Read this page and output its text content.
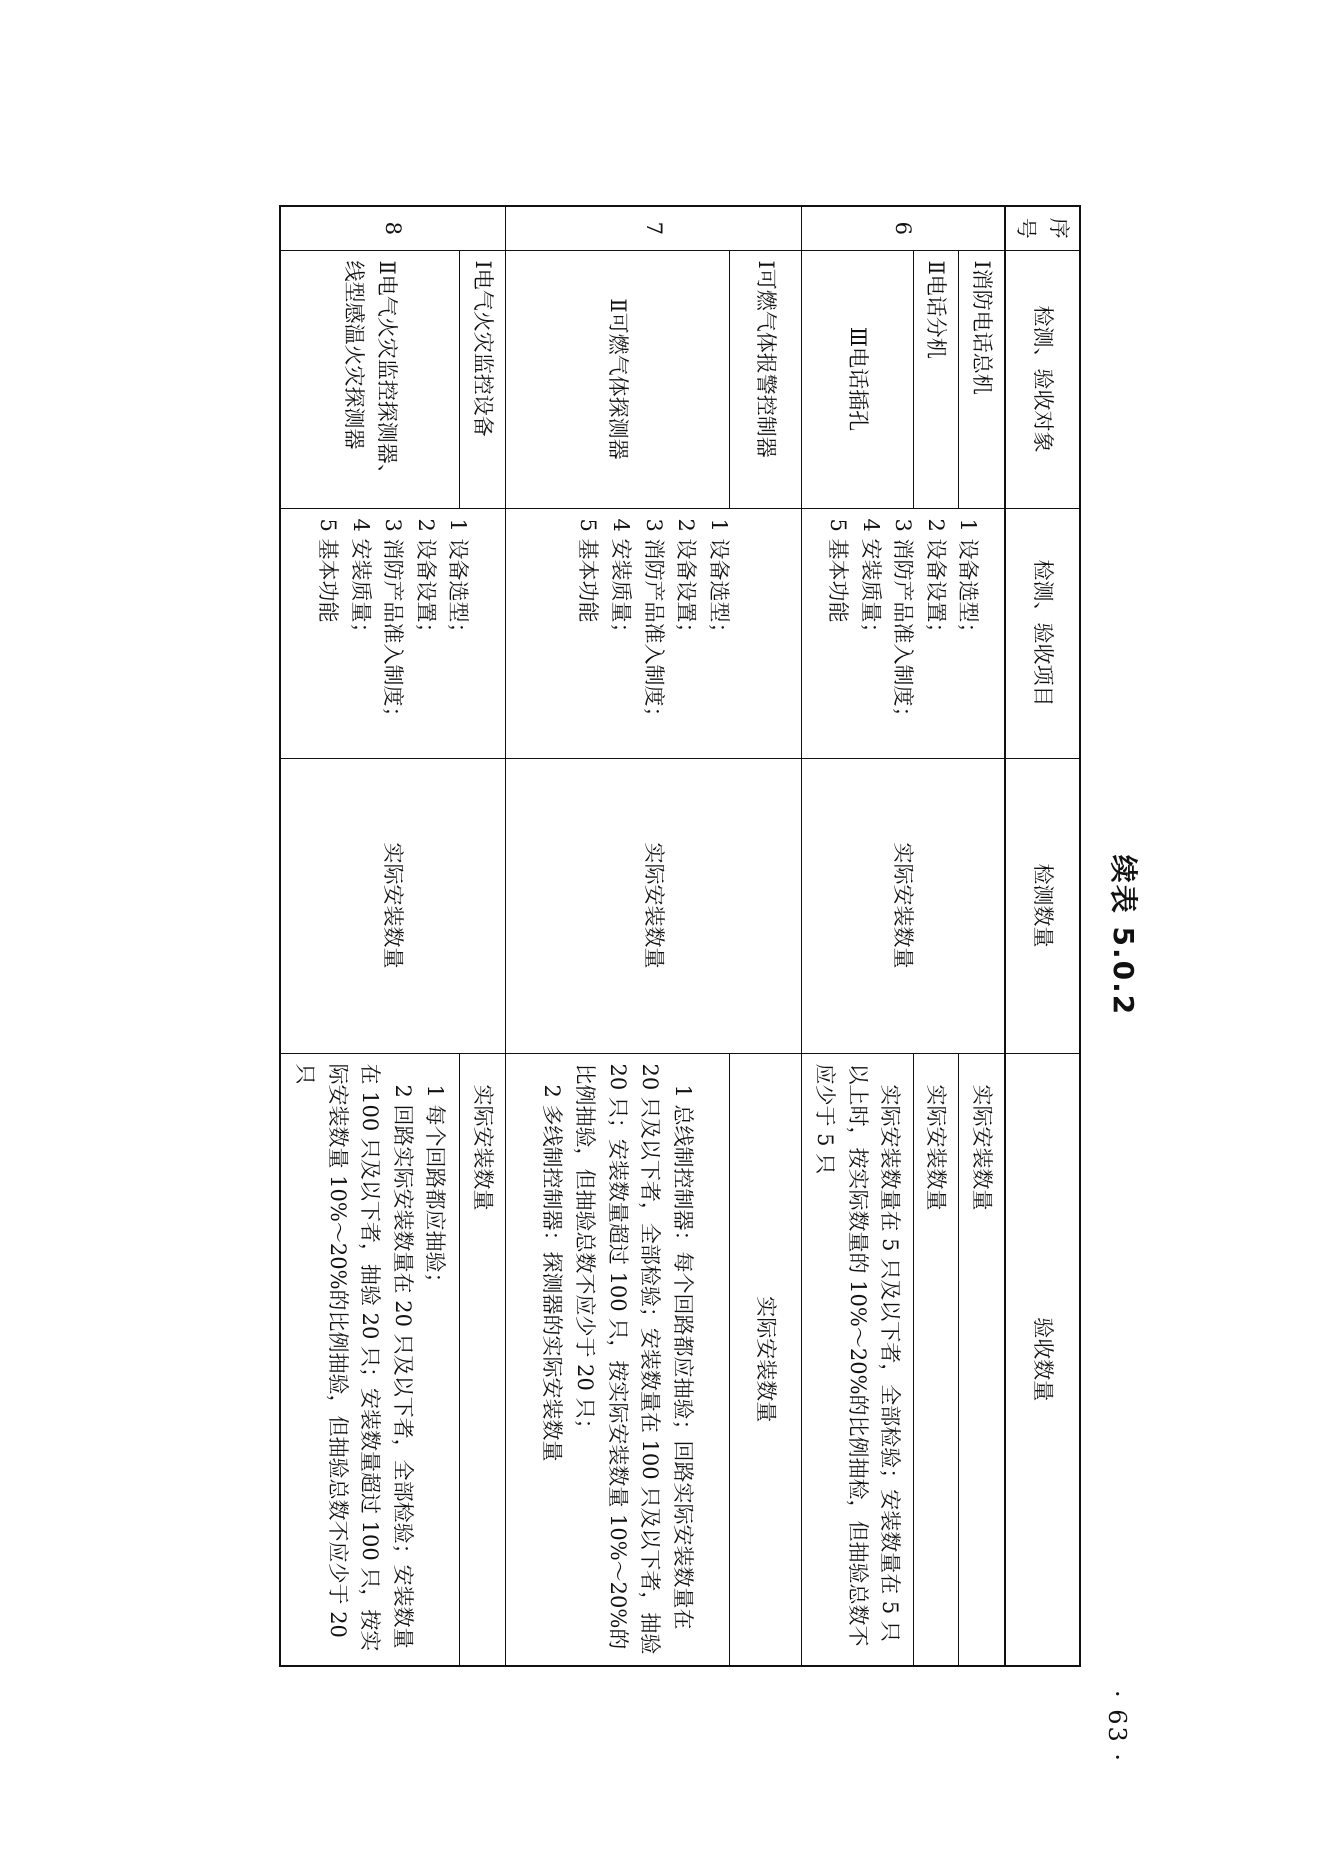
续表 5.0.2
序号	检测、验收对象	检测、验收项目	检测数量	验收数量
6	Ⅰ消防电话总机	1 设备选型；
2 设备设置；
3 消防产品准入制度；
4 安装质量；
5 基本功能	实际安装数量	实际安装数量

	Ⅱ电话分机			实际安装数量

	Ⅲ电话插孔			实际安装数量在 5 只及以下者，全部检验；安装数量在 5 只以上时，按实际数量的 10%～20%的比例抽检，但抽验总数不应少于 5 只

7	Ⅰ可燃气体报警控制器	1 设备选型；
2 设备设置；
3 消防产品准入制度；
4 安装质量；
5 基本功能	实际安装数量	实际安装数量
	Ⅱ可燃气体探测器			1 总线制控制器：每个回路都应抽验；回路实际安装数量在 20 只及以下者，全部检验；安装数量在 100 只及以下者，抽验 20 只；安装数量超过 100 只，按实际安装数量 10%～20%的比例抽验，但抽验总数不应少于 20 只；
2 多线制控制器：探测器的实际安装数量

8	Ⅰ电气火灾监控设备	1 设备选型；
2 设备设置；
3 消防产品准入制度；
4 安装质量；
5 基本功能	实际安装数量	实际安装数量

	Ⅱ电气火灾监控探测器、线型感温火灾探测器			1 每个回路都应抽验；
2 回路实际安装数量在 20 只及以下者，全部检验；安装数量在 100 只及以下者，抽验 20 只；安装数量超过 100 只，按实际安装数量 10%～20%的比例抽验，但抽验总数不应少于 20 只
· 63 ·
